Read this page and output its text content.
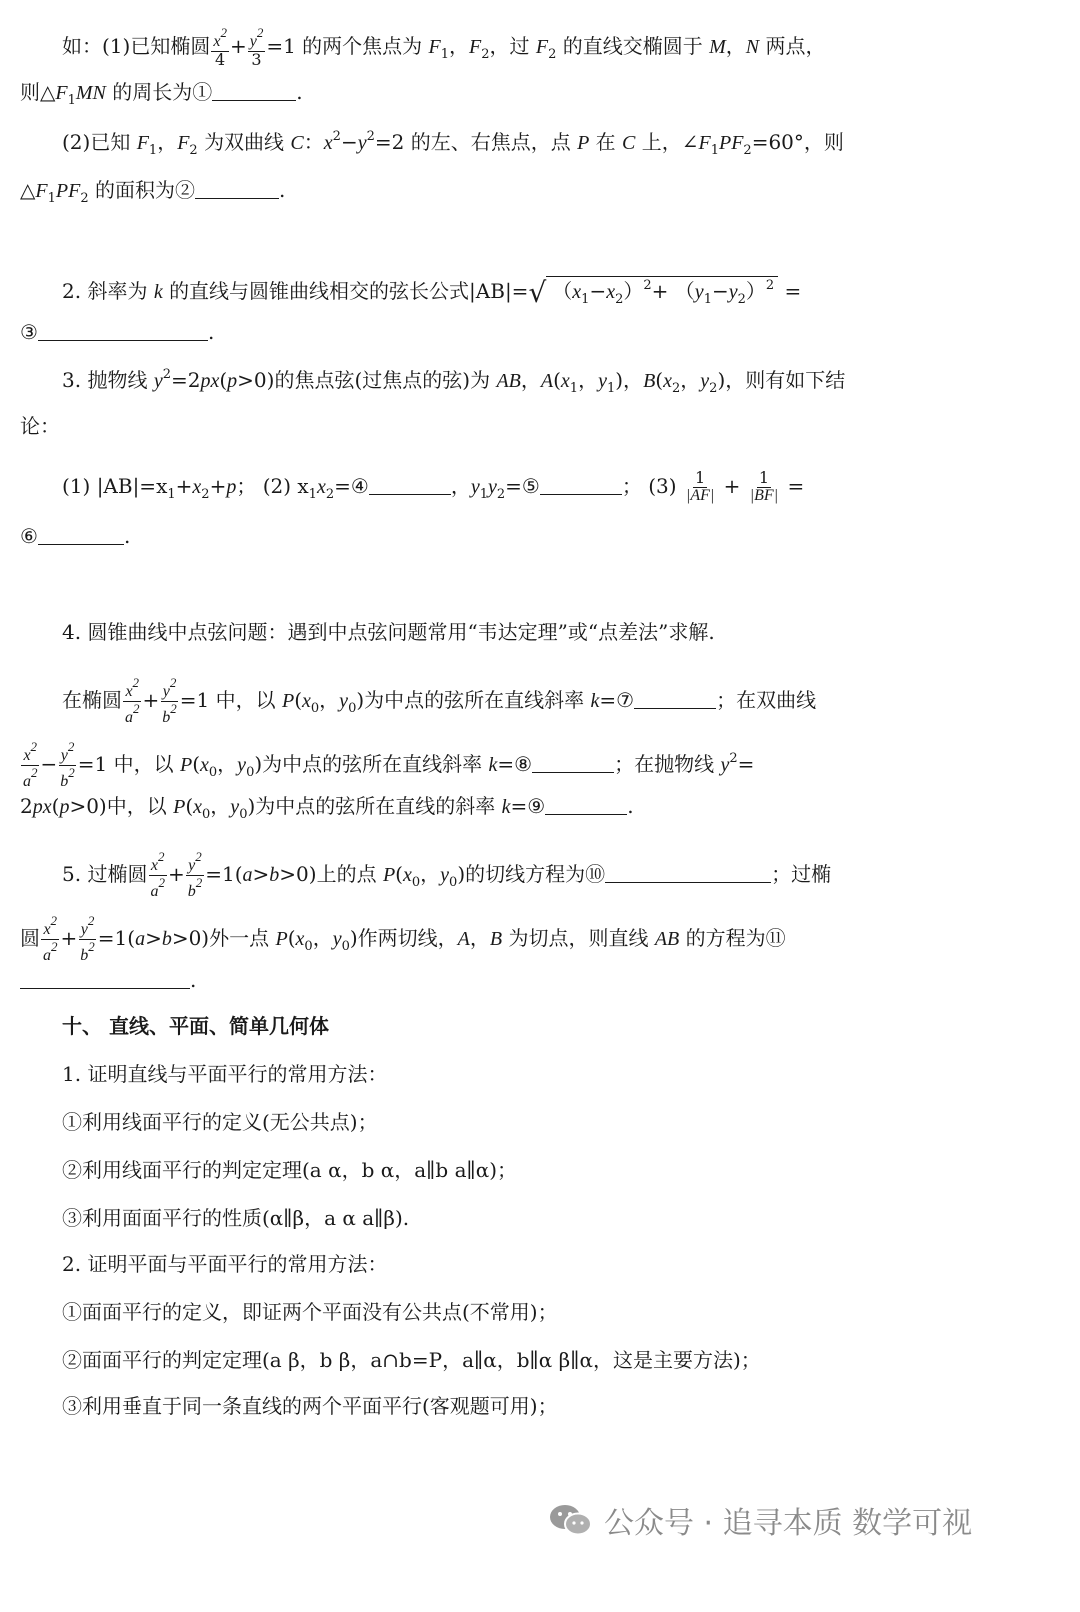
如：(1)已知椭圆 $\frac{x^2}{4} + \frac{y^2}{3} =1$ 的两个焦点为 $F_1$，$F_2$，过 $F_2$ 的直线交椭圆于 M，N 两点，
则$\triangle F_1MN$ 的周长为①	.
(2)已知 $F_1$，$F_2$ 为双曲线 C：$x^2-y^2=2$ 的左、右焦点，点 P 在 C 上，$\angle F_1PF_2=60^\circ$，则
$\triangle F_1PF_2$ 的面积为②	.
2. 斜率为 k 的直线与圆锥曲线相交的弦长公式|AB|=√ $(x_1-x_2)^2+ (y_1-y_2)^2$ =
③	.
3. 抛物线 $y^2=2px(p>0)$的焦点弦(过焦点的弦)为 AB，$A(x_1$，$y_1$)，$B(x_2$，$y_2$)，则有如下结
论：
(1) $|AB|=x_1+x_2+p$； (2) $x_1x_2=④$	，$y_1y_2=⑤$	； $(3) \frac{1}{|AF|} + \frac{1}{|BF|}$ =
⑥	.
4. 圆锥曲线中点弦问题：遇到中点弦问题常用“韦达定理”或“点差法”求解.
在椭圆 $\frac{x^2}{a^2} + \frac{y^2}{b^2} =1$ 中，以 $P(x_0$，$y_0$)为中点的弦所在直线斜率 k=⑦	；在双曲线
$\frac{x^2}{a^2} - \frac{y^2}{b^2} =1$ 中，以 $P(x_0$，$y_0$)为中点的弦所在直线斜率 k=⑧	；在抛物线 $y^2=$
2px(p>0)中，以 $P(x_0$，$y_0$)为中点的弦所在直线的斜率 k=⑨	.
5. 过椭圆 $\frac{x^2}{a^2} + \frac{y^2}{b^2} =1(a>b>0)$上的点 $P(x_0$，$y_0$)的切线方程为⑩	；过椭
圆 $\frac{x^2}{a^2} + \frac{y^2}{b^2} =1(a>b>0)$外一点 $P(x_0$，$y_0$)作两切线，A，B 为切点，则直线 AB 的方程为⑪
.
十、 直线、平面、简单几何体
1. 证明直线与平面平行的常用方法：
①利用线面平行的定义(无公共点)；
②利用线面平行的判定定理(a α，b α，a∥b a∥α)；
③利用面面平行的性质(α∥β，a α a∥β).
2. 证明平面与平面平行的常用方法：
①面面平行的定义，即证两个平面没有公共点(不常用)；
②面面平行的判定定理(a β，b β，a∩b=P，a∥α，b∥α β∥α，这是主要方法)；
③利用垂直于同一条直线的两个平面平行(客观题可用)；
公众号 · 追寻本质 数学可视
